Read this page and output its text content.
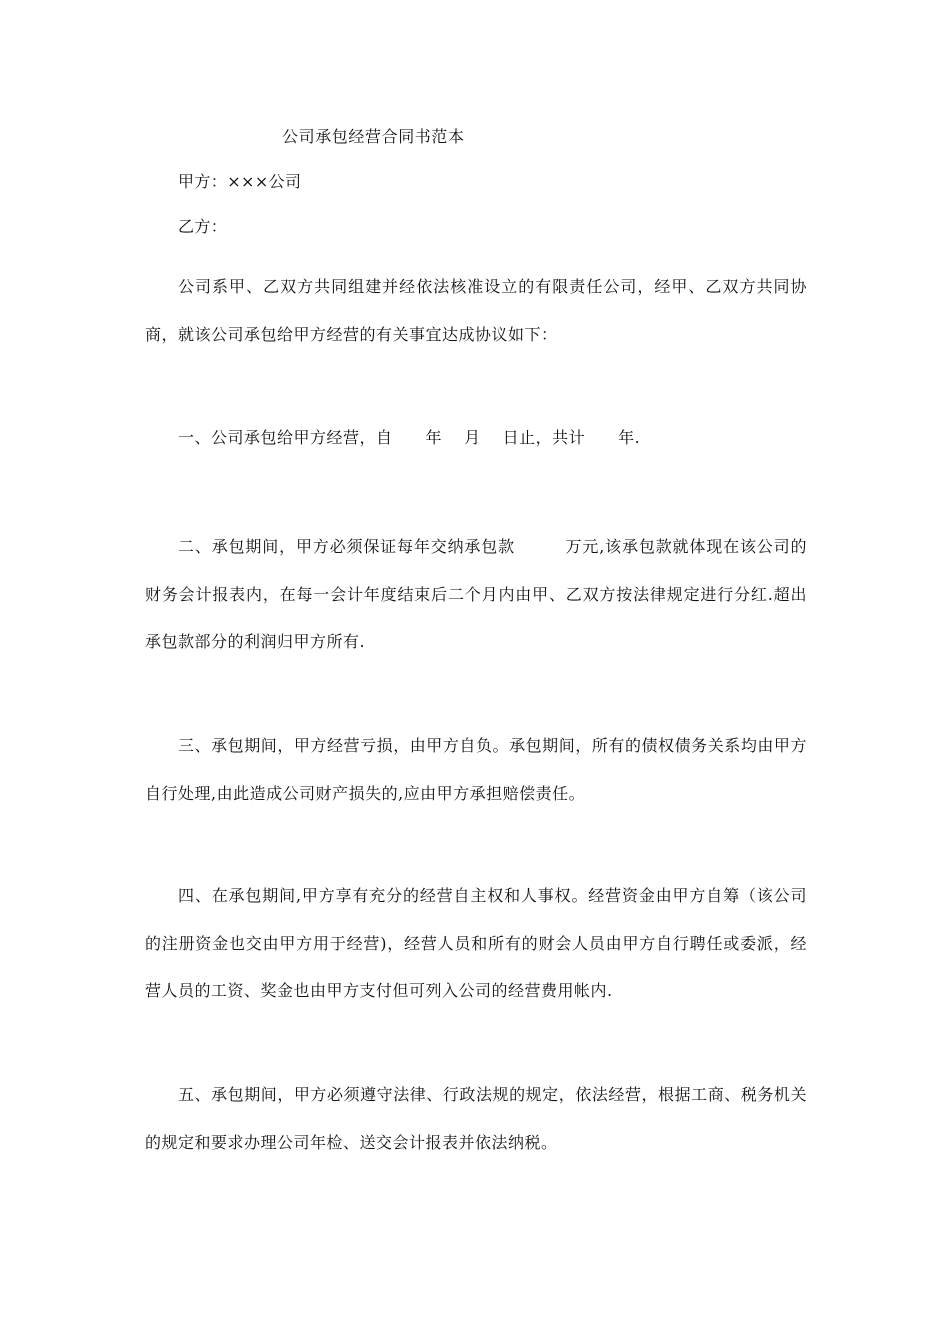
公司承包经营合同书范本
甲方：×××公司
乙方：
公司系甲、乙双方共同组建并经依法核准设立的有限责任公司，经甲、乙双方共同协商，就该公司承包给甲方经营的有关事宜达成协议如下：
一、公司承包给甲方经营，自　　年　 月　 日止，共计　　年.
二、承包期间，甲方必须保证每年交纳承包款　　　万元,该承包款就体现在该公司的财务会计报表内，在每一会计年度结束后二个月内由甲、乙双方按法律规定进行分红.超出承包款部分的利润归甲方所有.
三、承包期间，甲方经营亏损，由甲方自负。承包期间，所有的债权债务关系均由甲方自行处理,由此造成公司财产损失的,应由甲方承担赔偿责任。
四、在承包期间,甲方享有充分的经营自主权和人事权。经营资金由甲方自筹（该公司的注册资金也交由甲方用于经营)，经营人员和所有的财会人员由甲方自行聘任或委派，经营人员的工资、奖金也由甲方支付但可列入公司的经营费用帐内.
五、承包期间，甲方必须遵守法律、行政法规的规定，依法经营，根据工商、税务机关的规定和要求办理公司年检、送交会计报表并依法纳税。
